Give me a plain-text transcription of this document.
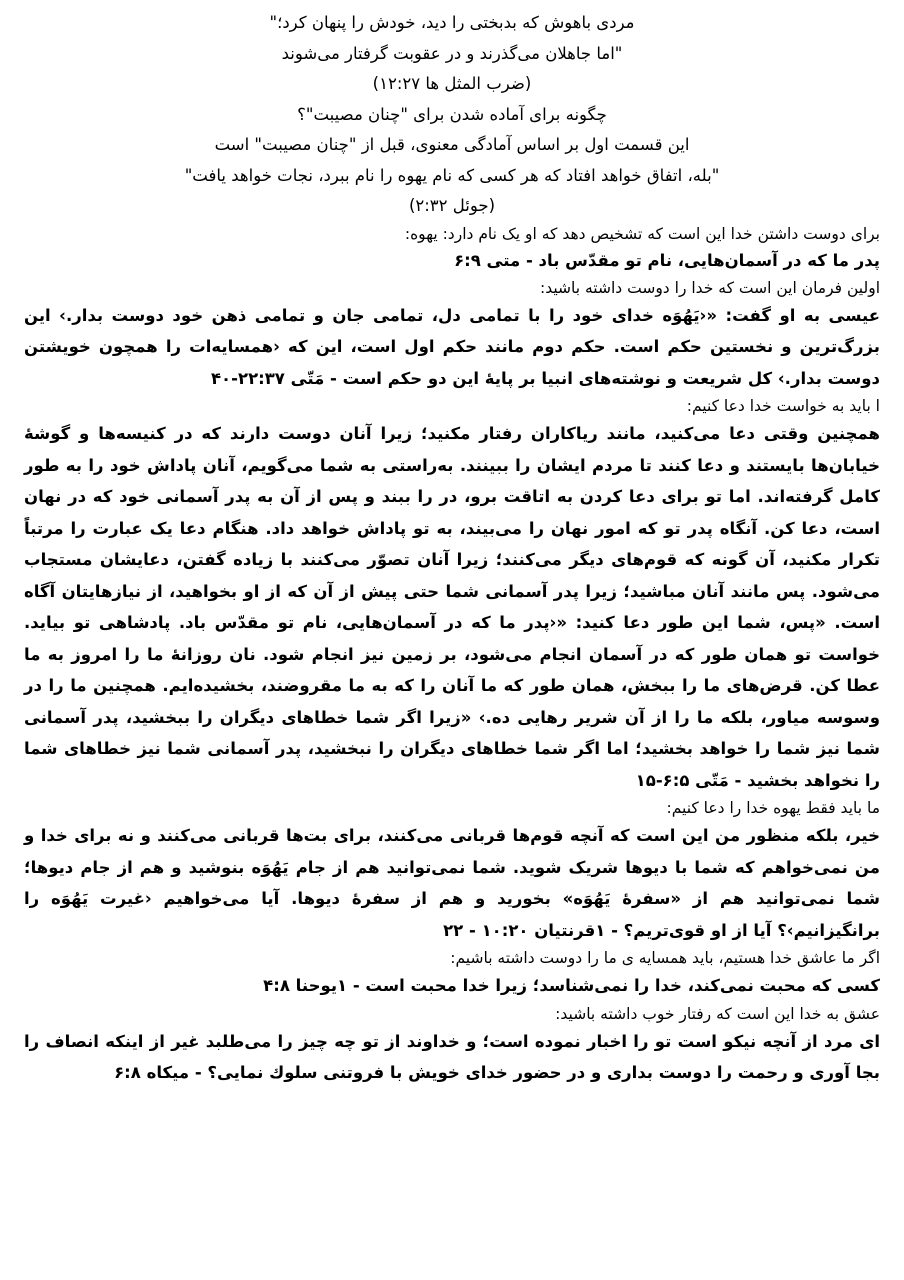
مردی باهوش که بدبختی را دید، خودش را پنهان کرد؛"
"اما جاهلان می‌گذرند و در عقوبت گرفتار می‌شوند
(ضرب المثل ها ۱۲:۲۷)
چگونه برای آماده شدن برای "چنان مصیبت"؟
این قسمت اول بر اساس آمادگی معنوی، قبل از "چنان مصیبت" است
"بله، اتفاق خواهد افتاد که هر کسی که نام یهوه را نام ببرد، نجات خواهد یافت"
(جوئل ۲:۳۲)
برای دوست داشتن خدا این است که تشخیص دهد که او یک نام دارد: یهوه:
پدر ما که در آسمان‌هایی، نام تو مقدّس باد - متی ۶:۹
اولین فرمان این است که خدا را دوست داشته باشید:
عیسی به او گفت: «‹یَهُوَه خدای خود را با تمامی دل، تمامی جان و تمامی ذهن خود دوست بدار.› این بزرگ‌ترین و نخستین حکم است. حکم دوم مانند حکم اول است، این که ‹همسایه‌ات را همچون خویشتن دوست بدار.› کل شریعت و نوشته‌های انبیا بر پایهٔ این دو حکم است - مَتّی ۲۲:۳۷-۴۰
ا باید به خواست خدا دعا کنیم:
همچنین وقتی دعا می‌کنید، مانند ریاکاران رفتار مکنید؛ زیرا آنان دوست دارند که در کنیسه‌ها و گوشهٔ خیابان‌ها بایستند و دعا کنند تا مردم ایشان را ببینند. به‌راستی به شما می‌گویم، آنان پاداش خود را به طور کامل گرفته‌اند. اما تو برای دعا کردن به اتاقت برو، در را ببند و پس از آن به پدر آسمانی خود که در نهان است، دعا کن. آنگاه پدر تو که امور نهان را می‌بیند، به تو پاداش خواهد داد. هنگام دعا یک عبارت را مرتباً تکرار مکنید، آن گونه که قوم‌های دیگر می‌کنند؛ زیرا آنان تصوّر می‌کنند با زیاده گفتن، دعایشان مستجاب می‌شود. پس مانند آنان مباشید؛ زیرا پدر آسمانی شما حتی پیش از آن که از او بخواهید، از نیازهایتان آگاه است. «پس، شما این طور دعا کنید: «‹پدر ما که در آسمان‌هایی، نام تو مقدّس باد. پادشاهی تو بیاید. خواست تو همان طور که در آسمان انجام می‌شود، بر زمین نیز انجام شود. نان روزانهٔ ما را امروز به ما عطا کن. قرض‌های ما را ببخش، همان طور که ما آنان را که به ما مقروضند، بخشیده‌ایم. همچنین ما را در وسوسه میاور، بلکه ما را از آن شریر رهایی ده.› «زیرا اگر شما خطاهای دیگران را ببخشید، پدر آسمانی شما نیز شما را خواهد بخشید؛ اما اگر شما خطاهای دیگران را نبخشید، پدر آسمانی شما نیز خطاهای شما را نخواهد بخشید - مَتّی ۶:۵-۱۵
ما باید فقط یهوه خدا را دعا کنیم:
خیر، بلکه منظور من این است که آنچه قوم‌ها قربانی می‌کنند، برای بت‌ها قربانی می‌کنند و نه برای خدا و من نمی‌خواهم که شما با دیوها شریک شوید. شما نمی‌توانید هم از جام یَهُوَه بنوشید و هم از جام دیوها؛ شما نمی‌توانید هم از «سفرهٔ یَهُوَه» بخورید و هم از سفرهٔ دیوها. آیا می‌خواهیم ‹غیرت یَهُوَه را برانگیزانیم›؟ آیا از او قوی‌تریم؟ - ۱قرنتیان ۱۰:۲۰ - ۲۲
اگر ما عاشق خدا هستیم، باید همسایه ی ما را دوست داشته باشیم:
کسی که محبت نمی‌کند، خدا را نمی‌شناسد؛ زیرا خدا محبت است - ۱یوحنا ۴:۸
عشق به خدا این است که رفتار خوب داشته باشید:
ای مرد از آنچه نیکو است تو را اخبار نموده است؛ و خداوند از تو چه چیز را می‌طلبد غیر از اینکه انصاف را بجا آوری و رحمت را دوست بداری و در حضور خدای خویش با فروتنی سلوك نمایی؟ - میکاه ۶:۸
